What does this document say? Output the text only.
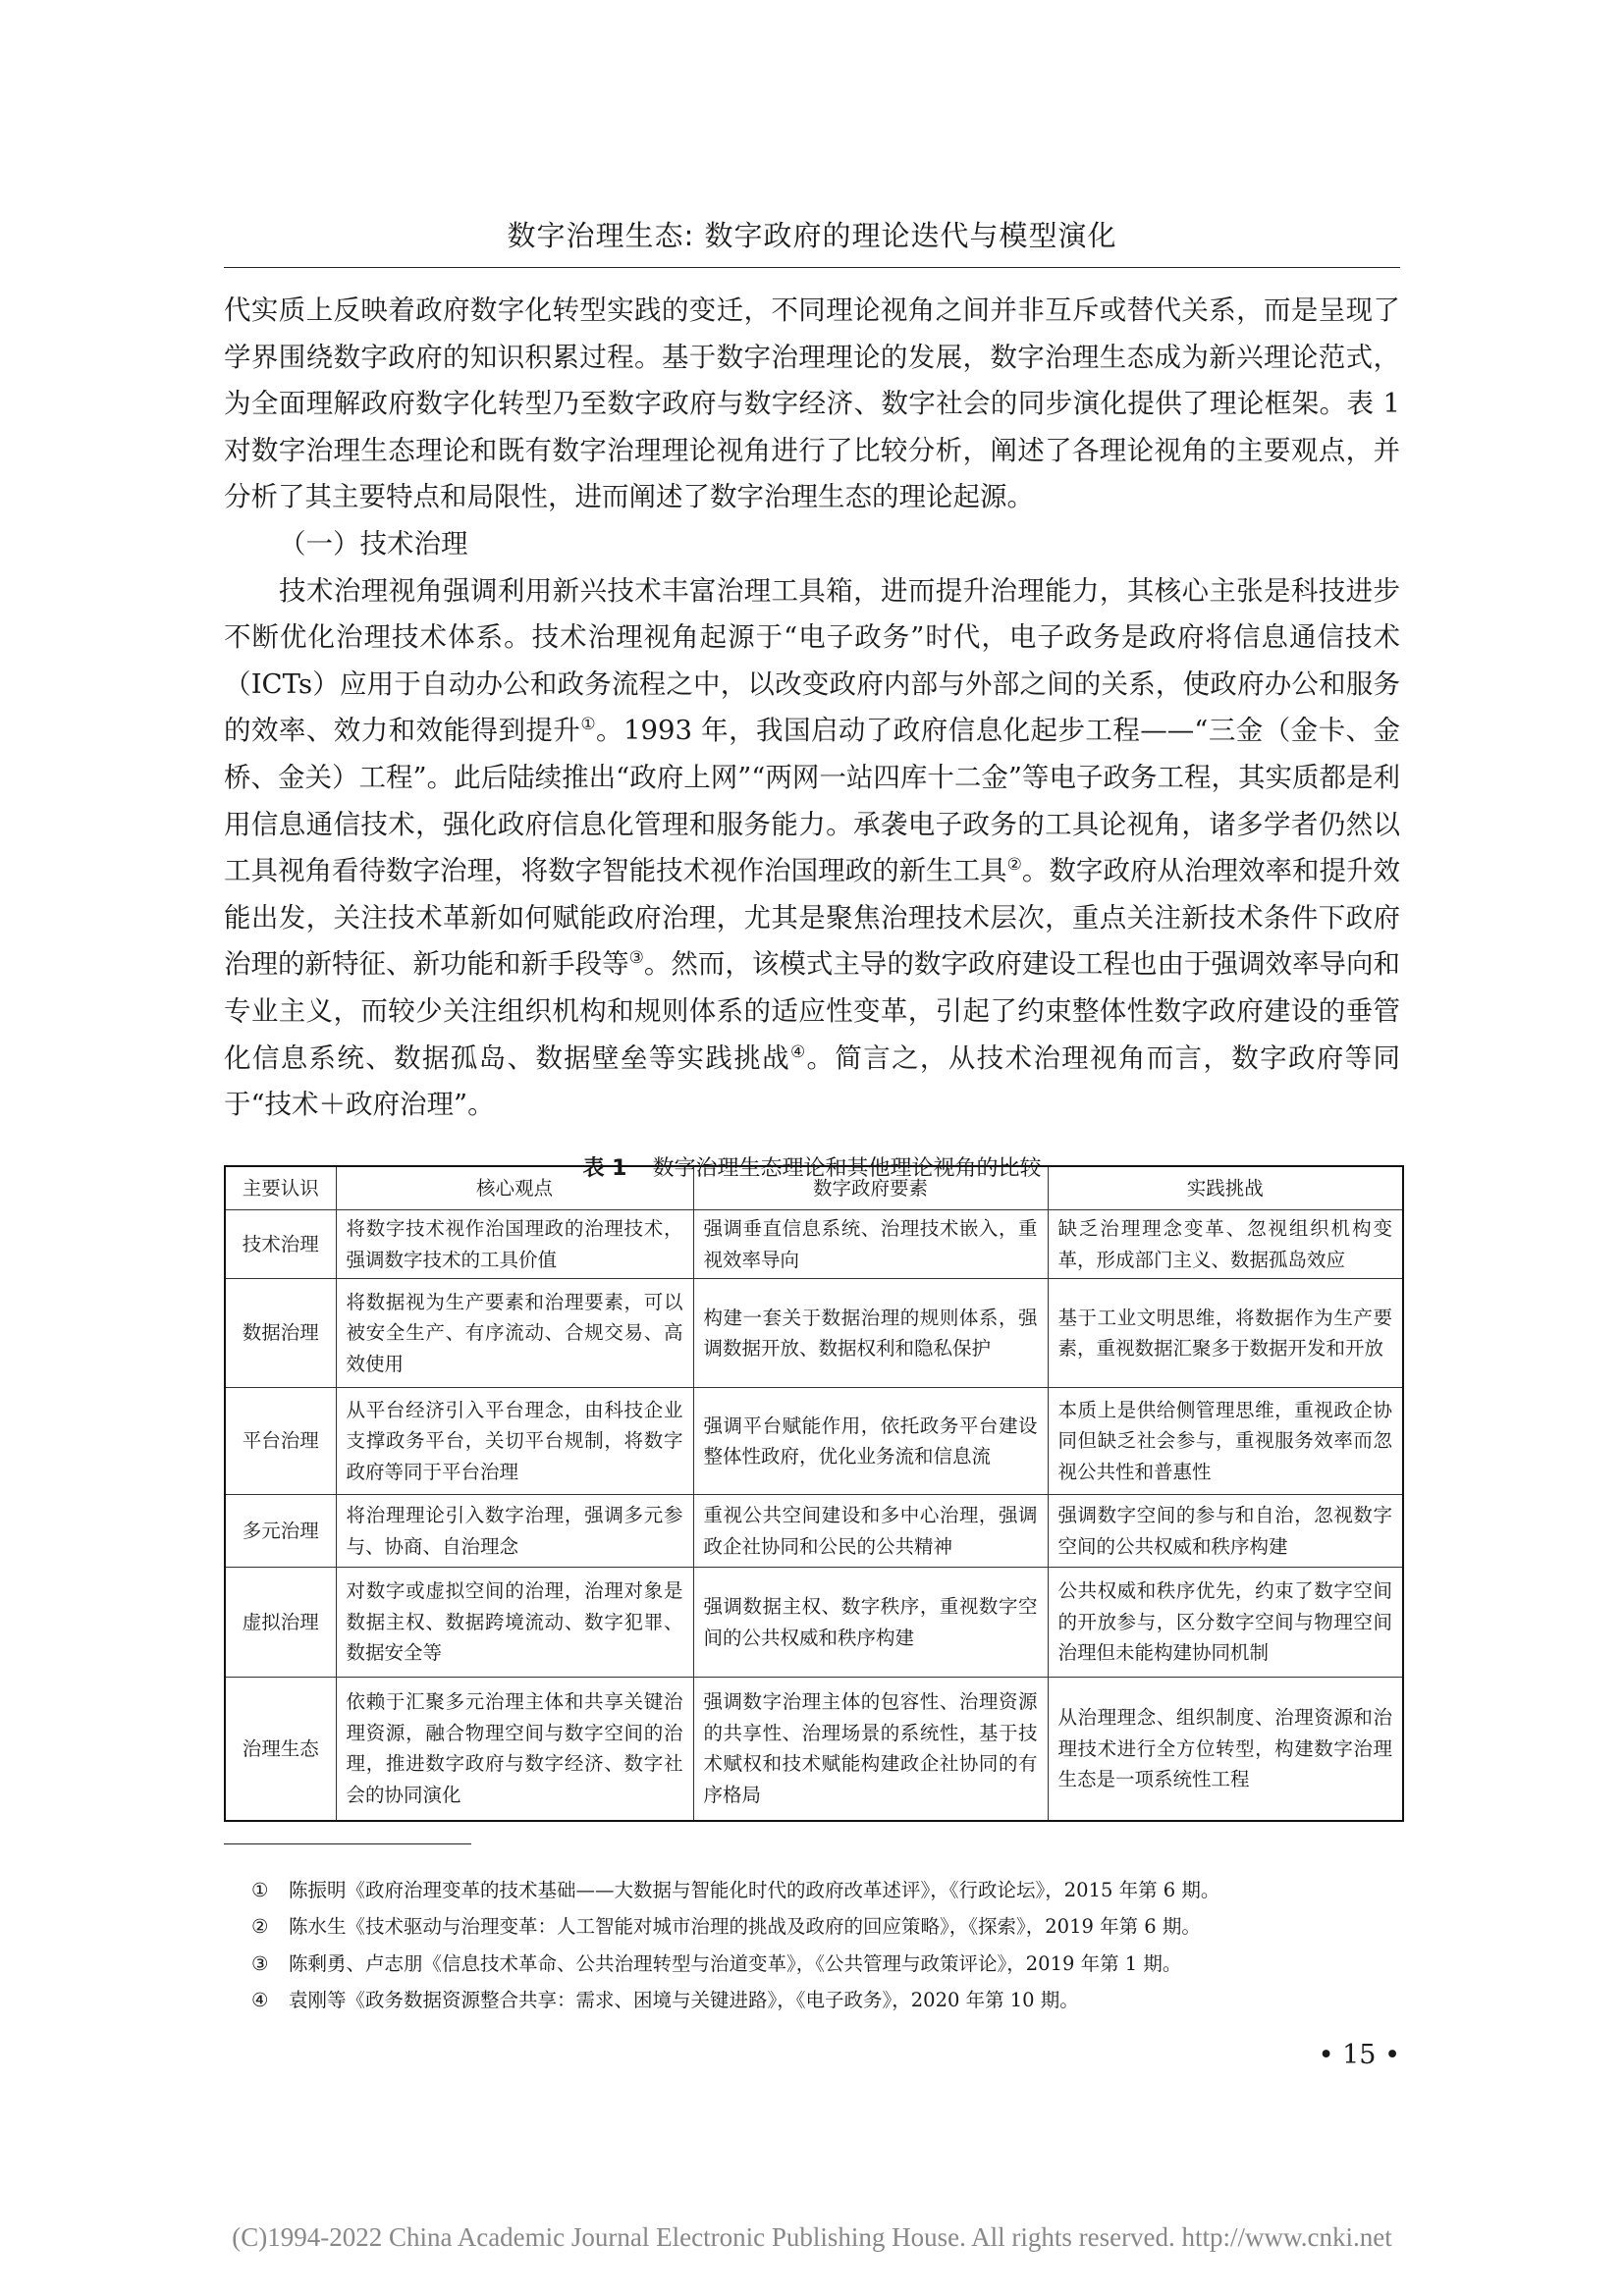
数字治理生态: 数字政府的理论迭代与模型演化

代实质上反映着政府数字化转型实践的变迁，不同理论视角之间并非互斥或替代关系，而是呈现了学界围绕数字政府的知识积累过程。基于数字治理理论的发展，数字治理生态成为新兴理论范式，为全面理解政府数字化转型乃至数字政府与数字经济、数字社会的同步演化提供了理论框架。表 1 对数字治理生态理论和既有数字治理理论视角进行了比较分析，阐述了各理论视角的主要观点，并分析了其主要特点和局限性，进而阐述了数字治理生态的理论起源。

（一）技术治理

技术治理视角强调利用新兴技术丰富治理工具箱，进而提升治理能力，其核心主张是科技进步不断优化治理技术体系。技术治理视角起源于“电子政务”时代，电子政务是政府将信息通信技术（ICTs）应用于自动办公和政务流程之中，以改变政府内部与外部之间的关系，使政府办公和服务的效率、效力和效能得到提升①。1993 年，我国启动了政府信息化起步工程——“三金（金卡、金桥、金关）工程”。此后陆续推出“政府上网”“两网一站四库十二金”等电子政务工程，其实质都是利用信息通信技术，强化政府信息化管理和服务能力。承袭电子政务的工具论视角，诸多学者仍然以工具视角看待数字治理，将数字智能技术视作治国理政的新生工具②。数字政府从治理效率和提升效能出发，关注技术革新如何赋能政府治理，尤其是聚焦治理技术层次，重点关注新技术条件下政府治理的新特征、新功能和新手段等③。然而，该模式主导的数字政府建设工程也由于强调效率导向和专业主义，而较少关注组织机构和规则体系的适应性变革，引起了约束整体性数字政府建设的垂管化信息系统、数据孤岛、数据壁垒等实践挑战④。简言之，从技术治理视角而言，数字政府等同于“技术＋政府治理”。

表 1 数字治理生态理论和其他理论视角的比较
主要认识	核心观点	数字政府要素	实践挑战
技术治理	将数字技术视作治国理政的治理技术，强调数字技术的工具价值	强调垂直信息系统、治理技术嵌入，重视效率导向	缺乏治理理念变革、忽视组织机构变革，形成部门主义、数据孤岛效应
数据治理	将数据视为生产要素和治理要素，可以被安全生产、有序流动、合规交易、高效使用	构建一套关于数据治理的规则体系，强调数据开放、数据权利和隐私保护	基于工业文明思维，将数据作为生产要素，重视数据汇聚多于数据开发和开放
平台治理	从平台经济引入平台理念，由科技企业支撑政务平台，关切平台规制，将数字政府等同于平台治理	强调平台赋能作用，依托政务平台建设整体性政府，优化业务流和信息流	本质上是供给侧管理思维，重视政企协同但缺乏社会参与，重视服务效率而忽视公共性和普惠性
多元治理	将治理理论引入数字治理，强调多元参与、协商、自治理念	重视公共空间建设和多中心治理，强调政企社协同和公民的公共精神	强调数字空间的参与和自治，忽视数字空间的公共权威和秩序构建
虚拟治理	对数字或虚拟空间的治理，治理对象是数据主权、数据跨境流动、数字犯罪、数据安全等	强调数据主权、数字秩序，重视数字空间的公共权威和秩序构建	公共权威和秩序优先，约束了数字空间的开放参与，区分数字空间与物理空间治理但未能构建协同机制
治理生态	依赖于汇聚多元治理主体和共享关键治理资源，融合物理空间与数字空间的治理，推进数字政府与数字经济、数字社会的协同演化	强调数字治理主体的包容性、治理资源的共享性、治理场景的系统性，基于技术赋权和技术赋能构建政企社协同的有序格局	从治理理念、组织制度、治理资源和治理技术进行全方位转型，构建数字治理生态是一项系统性工程
① 陈振明《政府治理变革的技术基础——大数据与智能化时代的政府改革述评》，《行政论坛》，2015 年第 6 期。
② 陈水生《技术驱动与治理变革：人工智能对城市治理的挑战及政府的回应策略》，《探索》，2019 年第 6 期。
③ 陈剩勇、卢志朋《信息技术革命、公共治理转型与治道变革》，《公共管理与政策评论》，2019 年第 1 期。
④ 袁刚等《政务数据资源整合共享：需求、困境与关键进路》，《电子政务》，2020 年第 10 期。
• 15 •
(C)1994-2022 China Academic Journal Electronic Publishing House. All rights reserved. http://www.cnki.net
